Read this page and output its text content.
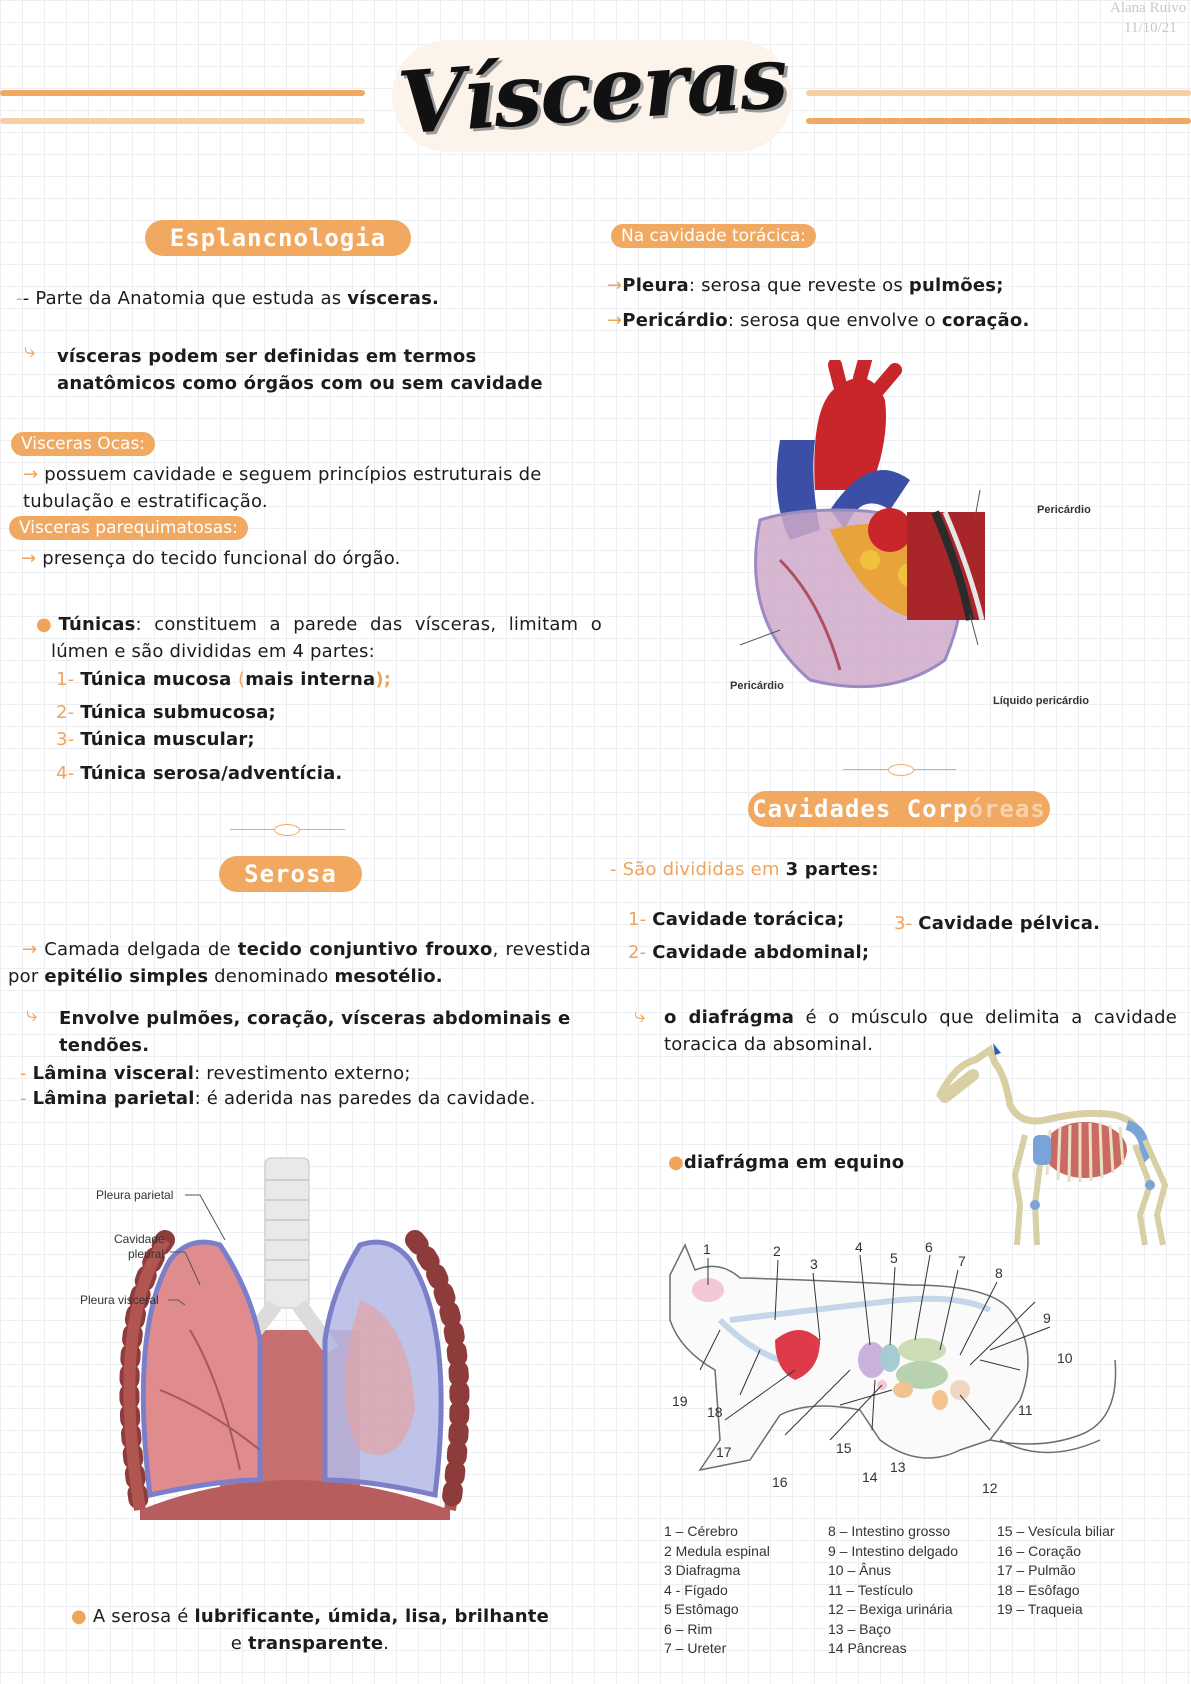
Vísceras
Alana Ruivo
11/10/21
Esplancnologia
-- Parte da Anatomia que estuda as vísceras.
⤷ vísceras podem ser definidas em termos anatômicos como órgãos com ou sem cavidade
Visceras Ocas:
→ possuem cavidade e seguem princípios estruturais de tubulação e estratificação.
Visceras parequimatosas:
→ presença do tecido funcional do órgão.
●Túnicas: constituem a parede das vísceras, limitam o lúmen e são divididas em 4 partes:
1- Túnica mucosa (mais interna);
2- Túnica submucosa;
3- Túnica muscular;
4- Túnica serosa/adventícia.
Serosa
→ Camada delgada de tecido conjuntivo frouxo, revestida por epitélio simples denominado mesotélio.
⤷ Envolve pulmões, coração, vísceras abdominais e tendões.
- Lâmina visceral: revestimento externo;
- Lâmina parietal: é aderida nas paredes da cavidade.
Pleura parietal
Cavidade
pleural
Pleura visceral
● A serosa é lubrificante, úmida, lisa, brilhante e transparente.
Na cavidade torácica:
→Pleura: serosa que reveste os pulmões;
→Pericárdio: serosa que envolve o coração.
Pericárdio
Pericárdio
Líquido pericárdio
Cavidades Corpóreas
- São divididas em 3 partes:
1- Cavidade torácica;
2- Cavidade abdominal;
3- Cavidade pélvica.
⤷ o diafrágma é o músculo que delimita a cavidade toracica da absominal.
●diafrágma em equino
1	2
3
4
5
6
7
8
9
10
11
12
13
14
15
16
17
18
19
1 – Cérebro
2 Medula espinal
3 Diafragma
4 - Fígado
5 Estômago
6 – Rim
7 – Ureter
8 – Intestino grosso
9 – Intestino delgado
10 – Ânus
11 – Testículo
12 – Bexiga urinária
13 – Baço
14 Pâncreas
15 – Vesícula biliar
16 – Coração
17 – Pulmão
18 – Esôfago
19 – Traqueia
